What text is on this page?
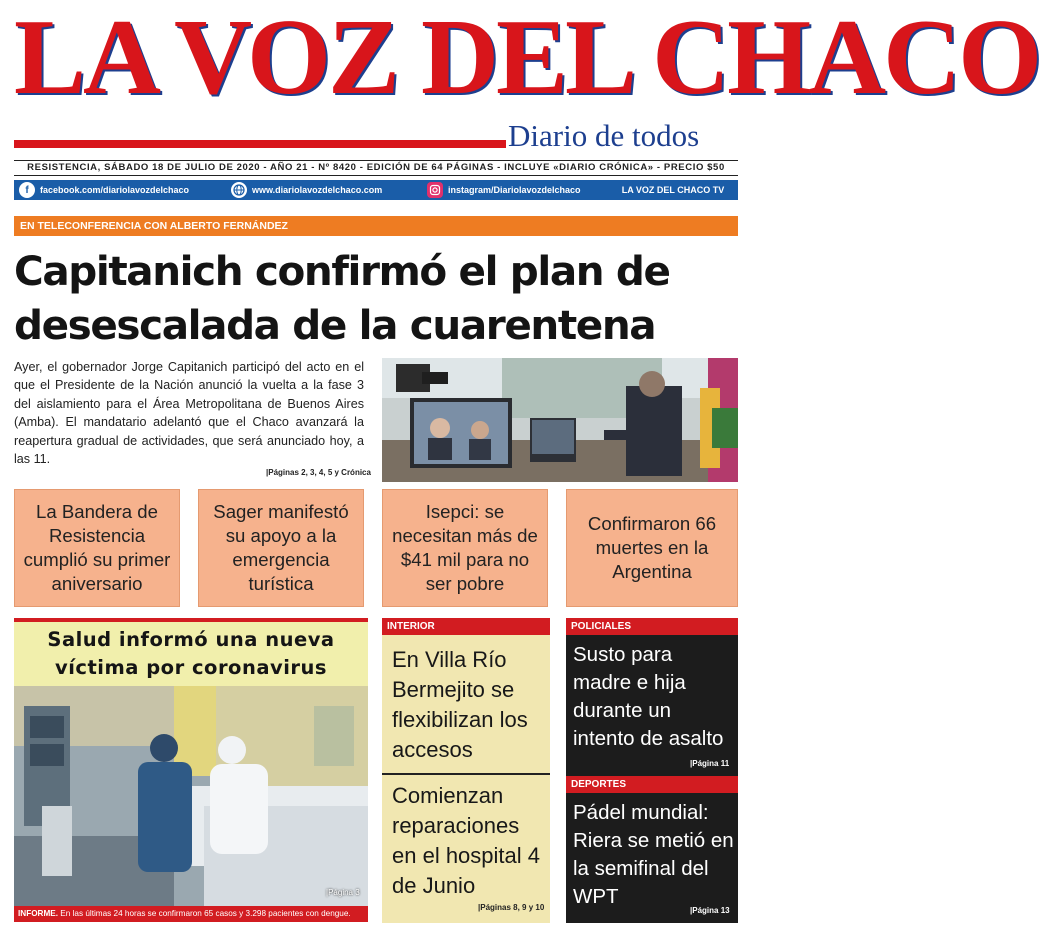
LA VOZ DEL CHACO
Diario de todos
RESISTENCIA, SÁBADO 18 DE JULIO DE 2020 - AÑO 21 - Nº 8420 - EDICIÓN DE 64 PÁGINAS - INCLUYE «DIARIO CRÓNICA» - PRECIO $50
f	facebook.com/diariolavozdelchaco	www.diariolavozdelchaco.com	instagram/Diariolavozdelchaco	LA VOZ DEL CHACO TV
EN TELECONFERENCIA CON ALBERTO FERNÁNDEZ
Capitanich confirmó el plan de desescalada de la cuarentena

Ayer, el gobernador Jorge Capitanich participó del acto en el que el Presidente de la Nación anunció la vuelta a la fase 3 del aislamiento para el Área Metropolitana de Buenos Aires (Amba). El mandatario adelantó que el Chaco avanzará la reapertura gradual de actividades, que será anunciado hoy, a las 11.

|Páginas 2, 3, 4, 5 y Crónica
La Bandera de Resistencia cumplió su primer aniversario
Sager manifestó su apoyo a la emergencia turística
Isepci: se necesitan más de $41 mil para no ser pobre
Confirmaron 66 muertes en la Argentina
Salud informó una nueva víctima por coronavirus
|Página 3
INFORME. En las últimas 24 horas se confirmaron 65 casos y 3.298 pacientes con dengue.
INTERIOR
En Villa Río Bermejito se flexibilizan los accesos
Comienzan reparaciones en el hospital 4 de Junio
|Páginas 8, 9 y 10
POLICIALES
Susto para madre e hija durante un intento de asalto
|Página 11
DEPORTES
Pádel mundial: Riera se metió en la semifinal del WPT
|Página 13
